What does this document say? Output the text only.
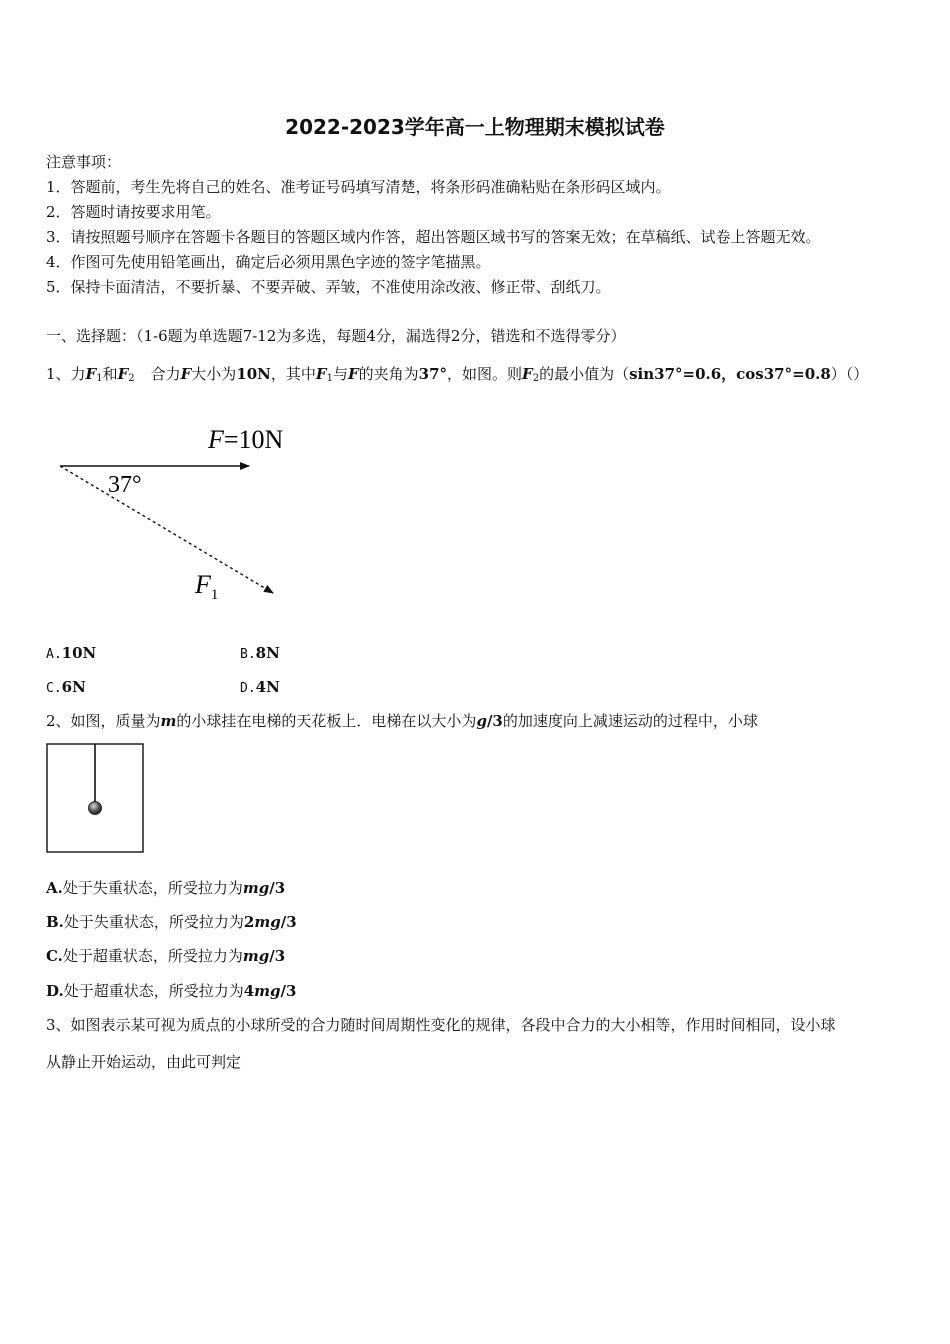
2022-2023学年高一上物理期末模拟试卷
注意事项：
1．答题前，考生先将自己的姓名、准考证号码填写清楚，将条形码准确粘贴在条形码区域内。
2．答题时请按要求用笔。
3．请按照题号顺序在答题卡各题目的答题区域内作答，超出答题区域书写的答案无效；在草稿纸、试卷上答题无效。
4．作图可先使用铅笔画出，确定后必须用黑色字迹的签字笔描黑。
5．保持卡面清洁，不要折暴、不要弄破、弄皱，不准使用涂改液、修正带、刮纸刀。
一、选择题：（1-6题为单选题7-12为多选，每题4分，漏选得2分，错选和不选得零分）
1、力$F_1$和$F_2$ 合力F大小为10N，其中$F_1$与F的夹角为37°，如图。则$F_2$的最小值为（sin37°=0.6，cos37°=0.8）（）
F=10N
37°
$F_1$
A.10N	B.8N
C.6N	D.4N
2、如图，质量为m的小球挂在电梯的天花板上．电梯在以大小为g/3的加速度向上减速运动的过程中，小球
A.处于失重状态，所受拉力为mg/3
B.处于失重状态，所受拉力为2mg/3
C.处于超重状态，所受拉力为mg/3
D.处于超重状态，所受拉力为4mg/3
3、如图表示某可视为质点的小球所受的合力随时间周期性变化的规律，各段中合力的大小相等，作用时间相同，设小球
从静止开始运动，由此可判定
